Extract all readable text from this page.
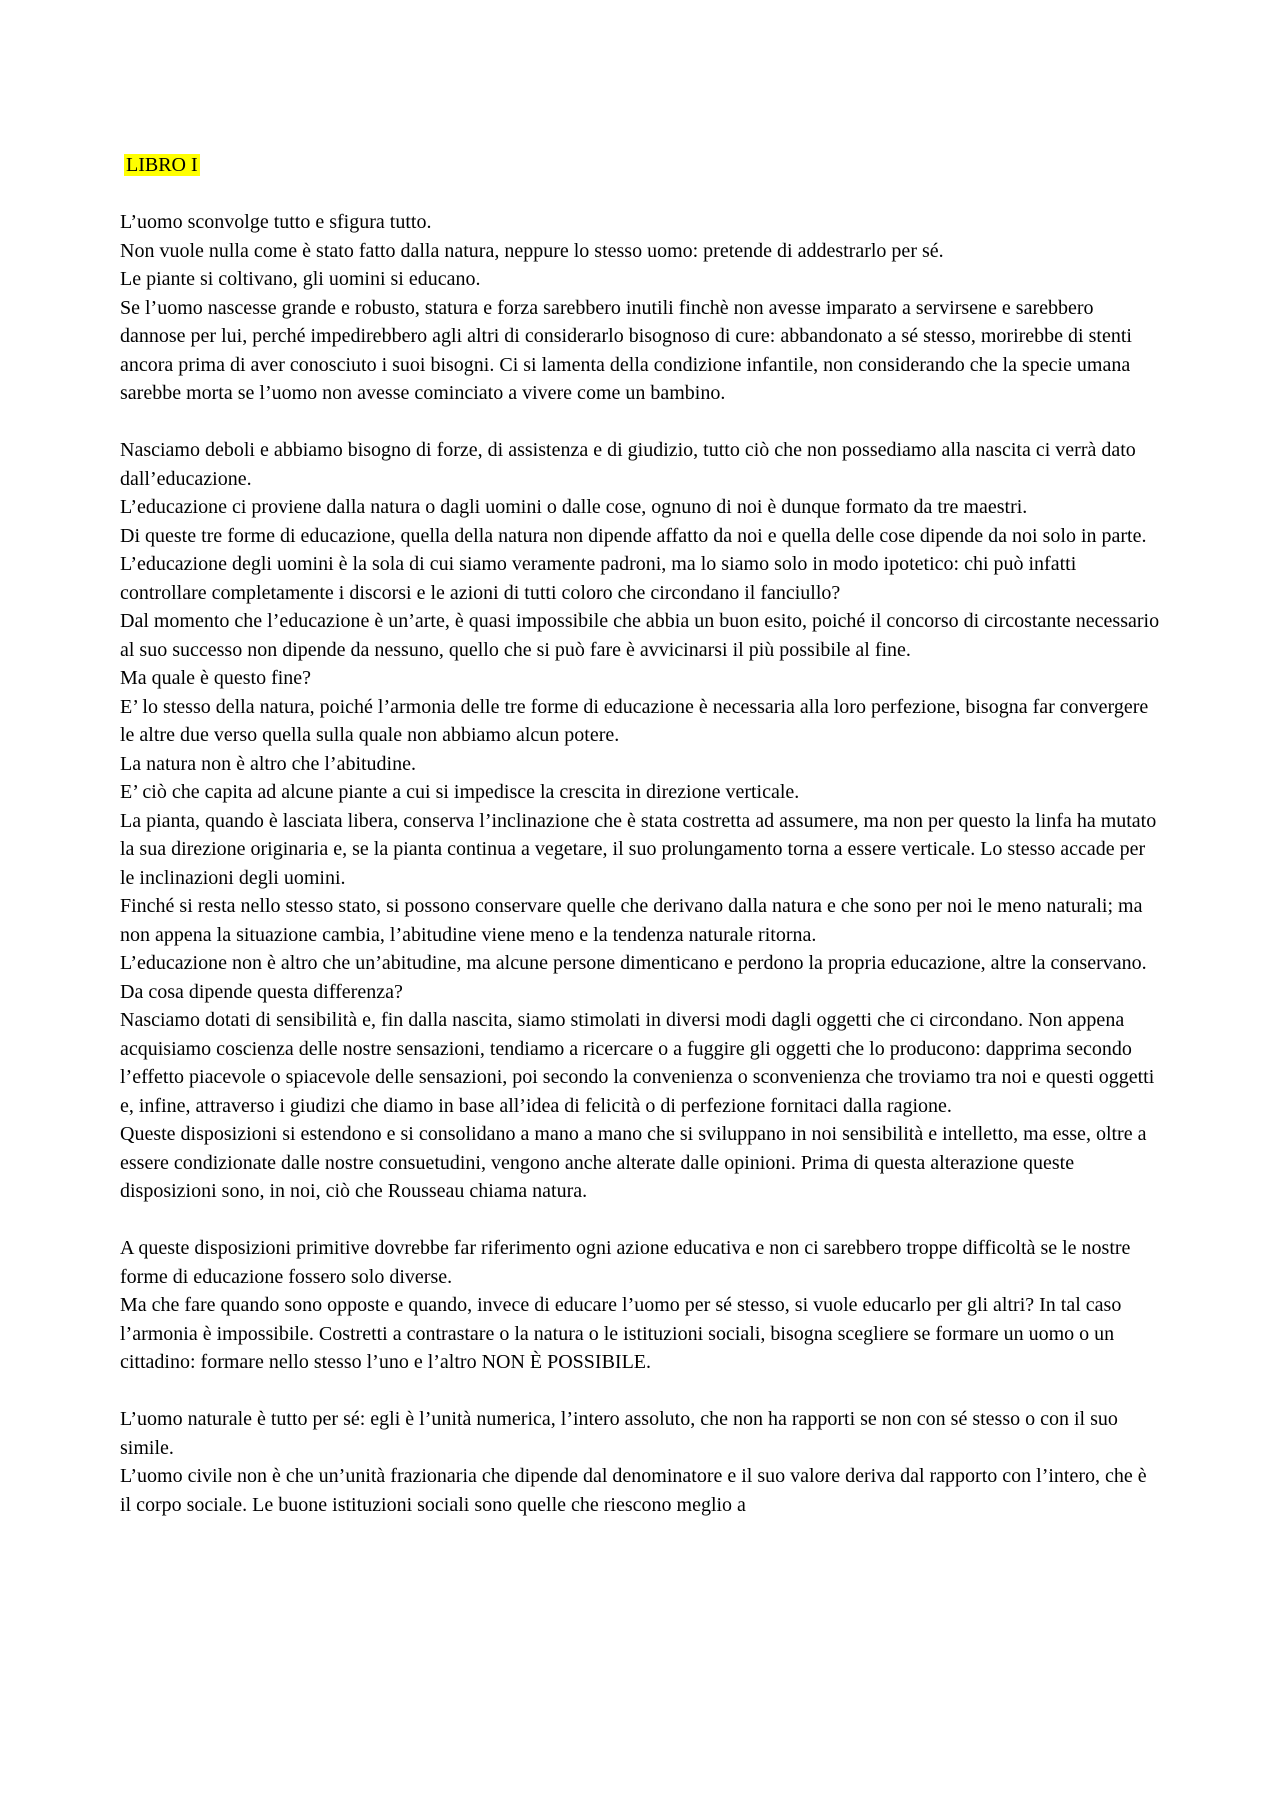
LIBRO I

L’uomo sconvolge tutto e sfigura tutto.

Non vuole nulla come è stato fatto dalla natura, neppure lo stesso uomo: pretende di addestrarlo per sé.

Le piante si coltivano, gli uomini si educano.

Se l’uomo nascesse grande e robusto, statura e forza sarebbero inutili finchè non avesse imparato a servirsene e sarebbero dannose per lui, perché impedirebbero agli altri di considerarlo bisognoso di cure: abbandonato a sé stesso, morirebbe di stenti ancora prima di aver conosciuto i suoi bisogni. Ci si lamenta della condizione infantile, non considerando che la specie umana sarebbe morta se l’uomo non avesse cominciato a vivere come un bambino.

Nasciamo deboli e abbiamo bisogno di forze, di assistenza e di giudizio, tutto ciò che non possediamo alla nascita ci verrà dato dall’educazione.

L’educazione ci proviene dalla natura o dagli uomini o dalle cose, ognuno di noi è dunque formato da tre maestri.

Di queste tre forme di educazione, quella della natura non dipende affatto da noi e quella delle cose dipende da noi solo in parte. L’educazione degli uomini è la sola di cui siamo veramente padroni, ma lo siamo solo in modo ipotetico: chi può infatti controllare completamente i discorsi e le azioni di tutti coloro che circondano il fanciullo?

Dal momento che l’educazione è un’arte, è quasi impossibile che abbia un buon esito, poiché il concorso di circostante necessario al suo successo non dipende da nessuno, quello che si può fare è avvicinarsi il più possibile al fine.

Ma quale è questo fine?

E’ lo stesso della natura, poiché l’armonia delle tre forme di educazione è necessaria alla loro perfezione, bisogna far convergere le altre due verso quella sulla quale non abbiamo alcun potere.

La natura non è altro che l’abitudine.

E’ ciò che capita ad alcune piante a cui si impedisce la crescita in direzione verticale.

La pianta, quando è lasciata libera, conserva l’inclinazione che è stata costretta ad assumere, ma non per questo la linfa ha mutato la sua direzione originaria e, se la pianta continua a vegetare, il suo prolungamento torna a essere verticale. Lo stesso accade per le inclinazioni degli uomini.

Finché si resta nello stesso stato, si possono conservare quelle che derivano dalla natura e che sono per noi le meno naturali; ma non appena la situazione cambia, l’abitudine viene meno e la tendenza naturale ritorna.

L’educazione non è altro che un’abitudine, ma alcune persone dimenticano e perdono la propria educazione, altre la conservano.

Da cosa dipende questa differenza?

Nasciamo dotati di sensibilità e, fin dalla nascita, siamo stimolati in diversi modi dagli oggetti che ci circondano. Non appena acquisiamo coscienza delle nostre sensazioni, tendiamo a ricercare o a fuggire gli oggetti che lo producono: dapprima secondo l’effetto piacevole o spiacevole delle sensazioni, poi secondo la convenienza o sconvenienza che troviamo tra noi e questi oggetti e, infine, attraverso i giudizi che diamo in base all’idea di felicità o di perfezione fornitaci dalla ragione.

Queste disposizioni si estendono e si consolidano a mano a mano che si sviluppano in noi sensibilità e intelletto, ma esse, oltre a essere condizionate dalle nostre consuetudini, vengono anche alterate dalle opinioni. Prima di questa alterazione queste disposizioni sono, in noi, ciò che Rousseau chiama natura.

A queste disposizioni primitive dovrebbe far riferimento ogni azione educativa e non ci sarebbero troppe difficoltà se le nostre forme di educazione fossero solo diverse.

Ma che fare quando sono opposte e quando, invece di educare l’uomo per sé stesso, si vuole educarlo per gli altri? In tal caso l’armonia è impossibile. Costretti a contrastare o la natura o le istituzioni sociali, bisogna scegliere se formare un uomo o un cittadino: formare nello stesso l’uno e l’altro NON È POSSIBILE.

L’uomo naturale è tutto per sé: egli è l’unità numerica, l’intero assoluto, che non ha rapporti se non con sé stesso o con il suo simile.

L’uomo civile non è che un’unità frazionaria che dipende dal denominatore e il suo valore deriva dal rapporto con l’intero, che è il corpo sociale. Le buone istituzioni sociali sono quelle che riescono meglio a
